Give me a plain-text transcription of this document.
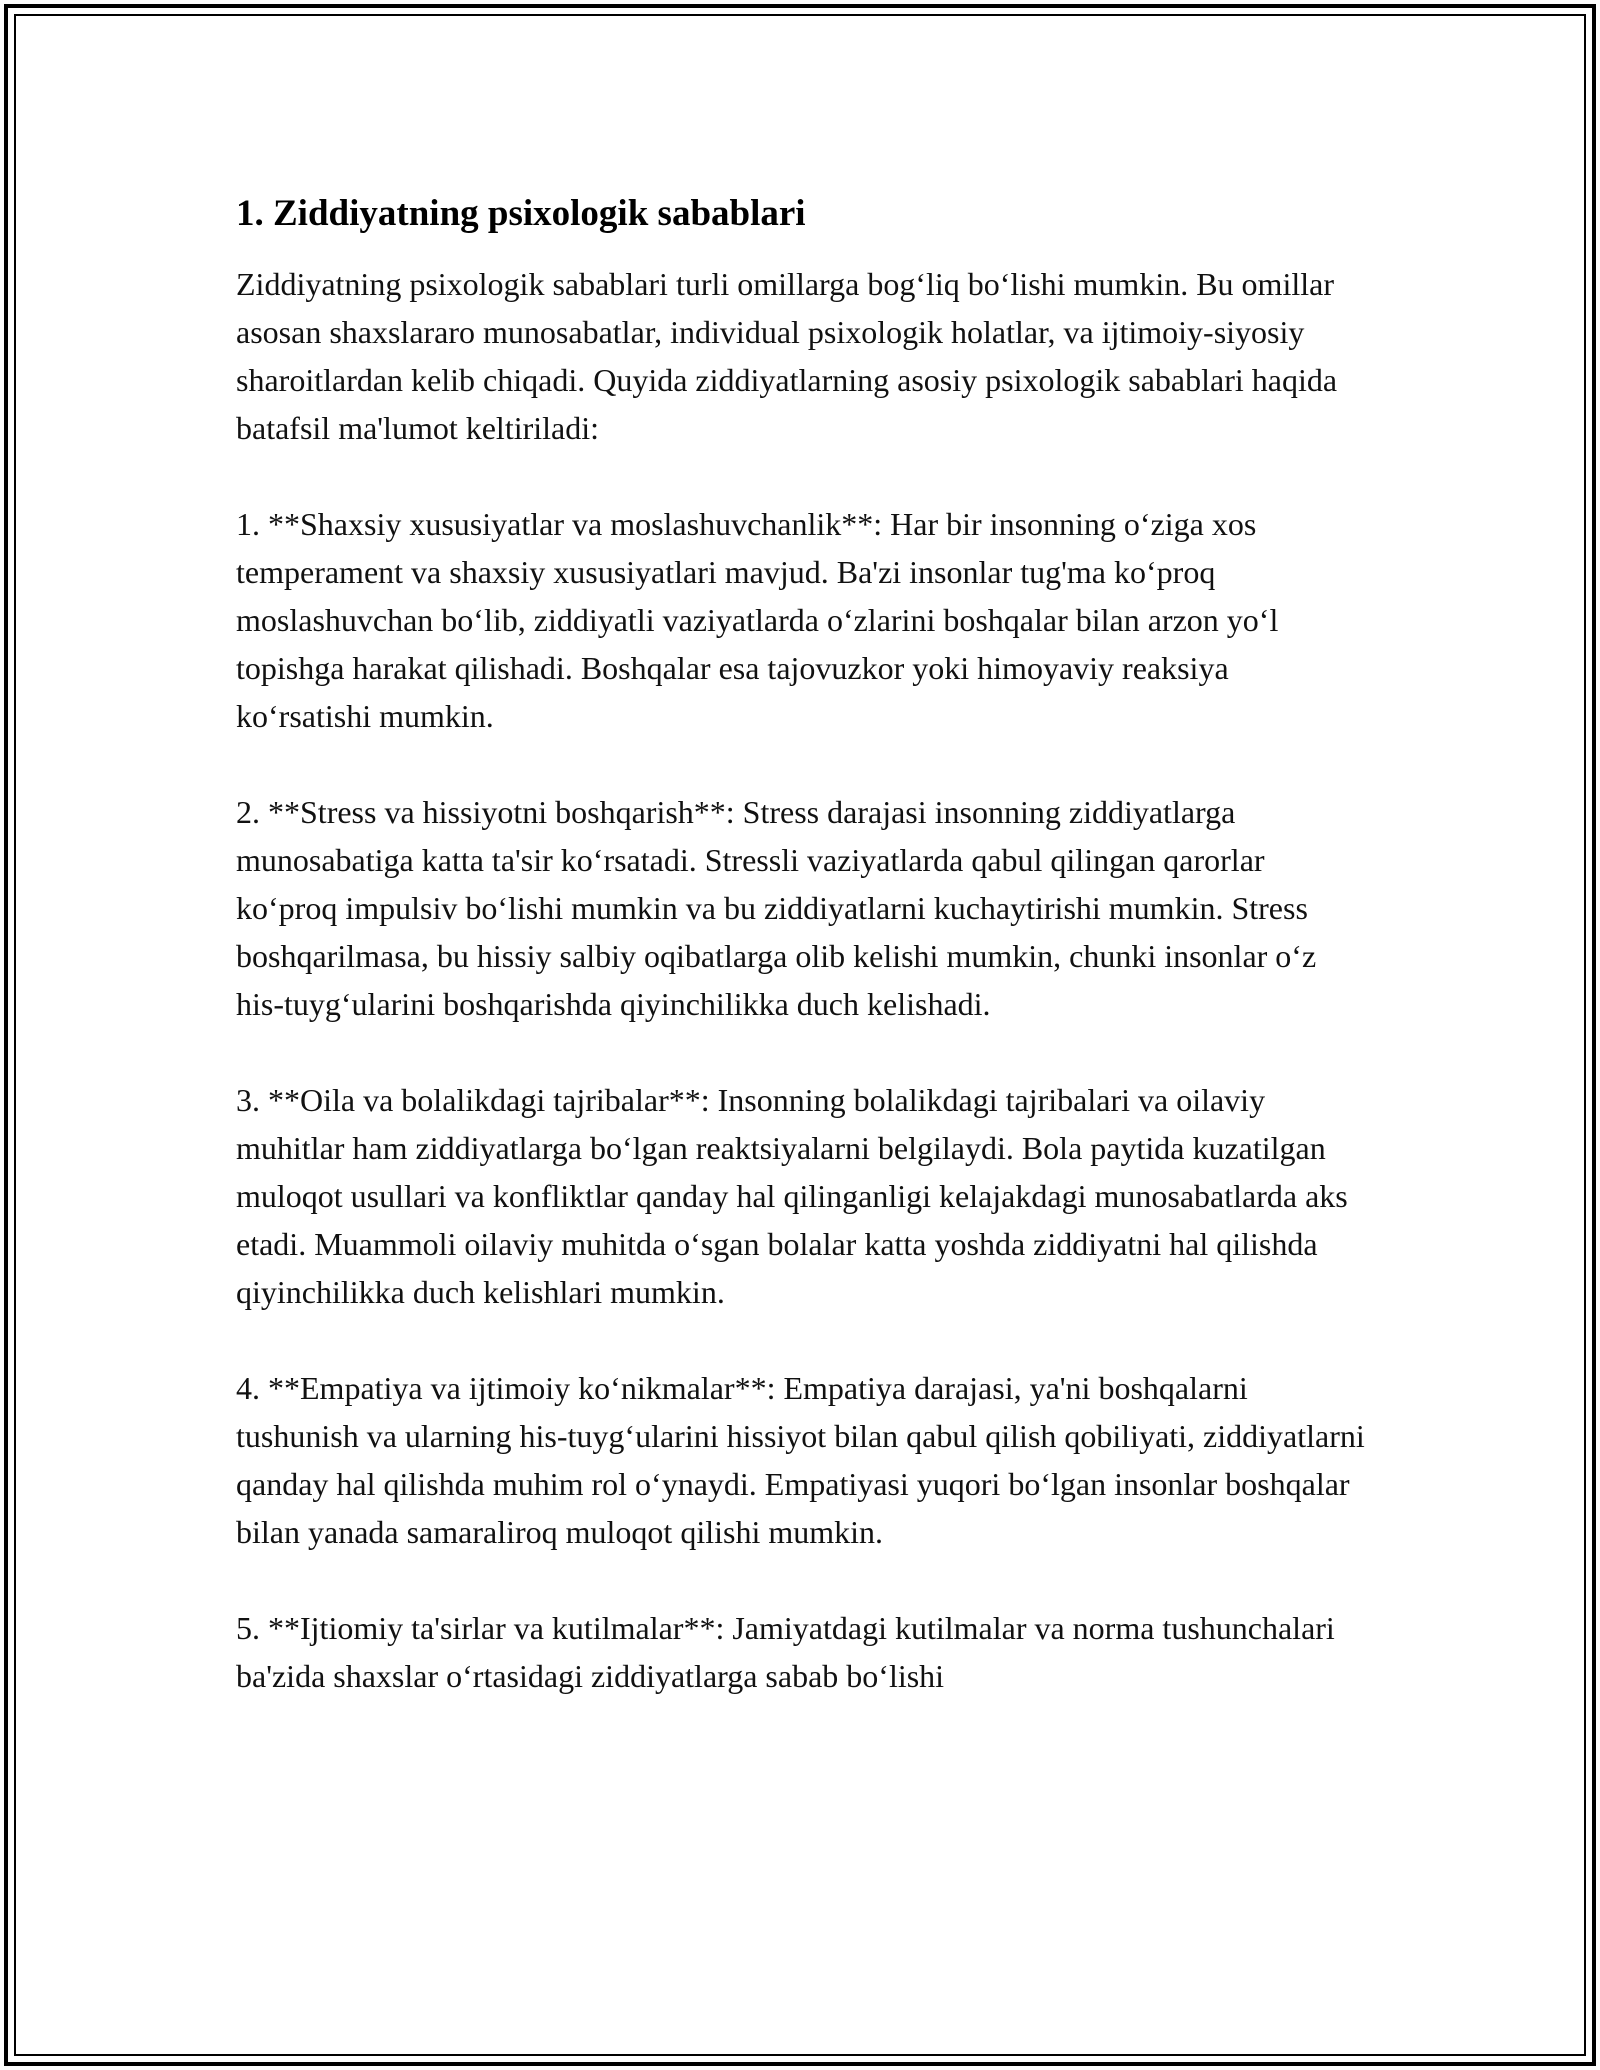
1. Ziddiyatning psixologik sabablari

Ziddiyatning psixologik sabablari turli omillarga bog‘liq bo‘lishi mumkin. Bu omillar asosan shaxslararo munosabatlar, individual psixologik holatlar, va ijtimoiy-siyosiy sharoitlardan kelib chiqadi. Quyida ziddiyatlarning asosiy psixologik sabablari haqida batafsil ma'lumot keltiriladi:

1. **Shaxsiy xususiyatlar va moslashuvchanlik**: Har bir insonning o‘ziga xos temperament va shaxsiy xususiyatlari mavjud. Ba'zi insonlar tug'ma ko‘proq moslashuvchan bo‘lib, ziddiyatli vaziyatlarda o‘zlarini boshqalar bilan arzon yo‘l topishga harakat qilishadi. Boshqalar esa tajovuzkor yoki himoyaviy reaksiya ko‘rsatishi mumkin.

2. **Stress va hissiyotni boshqarish**: Stress darajasi insonning ziddiyatlarga munosabatiga katta ta'sir ko‘rsatadi. Stressli vaziyatlarda qabul qilingan qarorlar ko‘proq impulsiv bo‘lishi mumkin va bu ziddiyatlarni kuchaytirishi mumkin. Stress boshqarilmasa, bu hissiy salbiy oqibatlarga olib kelishi mumkin, chunki insonlar o‘z his-tuyg‘ularini boshqarishda qiyinchilikka duch kelishadi.

3. **Oila va bolalikdagi tajribalar**: Insonning bolalikdagi tajribalari va oilaviy muhitlar ham ziddiyatlarga bo‘lgan reaktsiyalarni belgilaydi. Bola paytida kuzatilgan muloqot usullari va konfliktlar qanday hal qilinganligi kelajakdagi munosabatlarda aks etadi. Muammoli oilaviy muhitda o‘sgan bolalar katta yoshda ziddiyatni hal qilishda qiyinchilikka duch kelishlari mumkin.

4. **Empatiya va ijtimoiy ko‘nikmalar**: Empatiya darajasi, ya'ni boshqalarni tushunish va ularning his-tuyg‘ularini hissiyot bilan qabul qilish qobiliyati, ziddiyatlarni qanday hal qilishda muhim rol o‘ynaydi. Empatiyasi yuqori bo‘lgan insonlar boshqalar bilan yanada samaraliroq muloqot qilishi mumkin.

5. **Ijtiomiy ta'sirlar va kutilmalar**: Jamiyatdagi kutilmalar va norma tushunchalari ba'zida shaxslar o‘rtasidagi ziddiyatlarga sabab bo‘lishi
